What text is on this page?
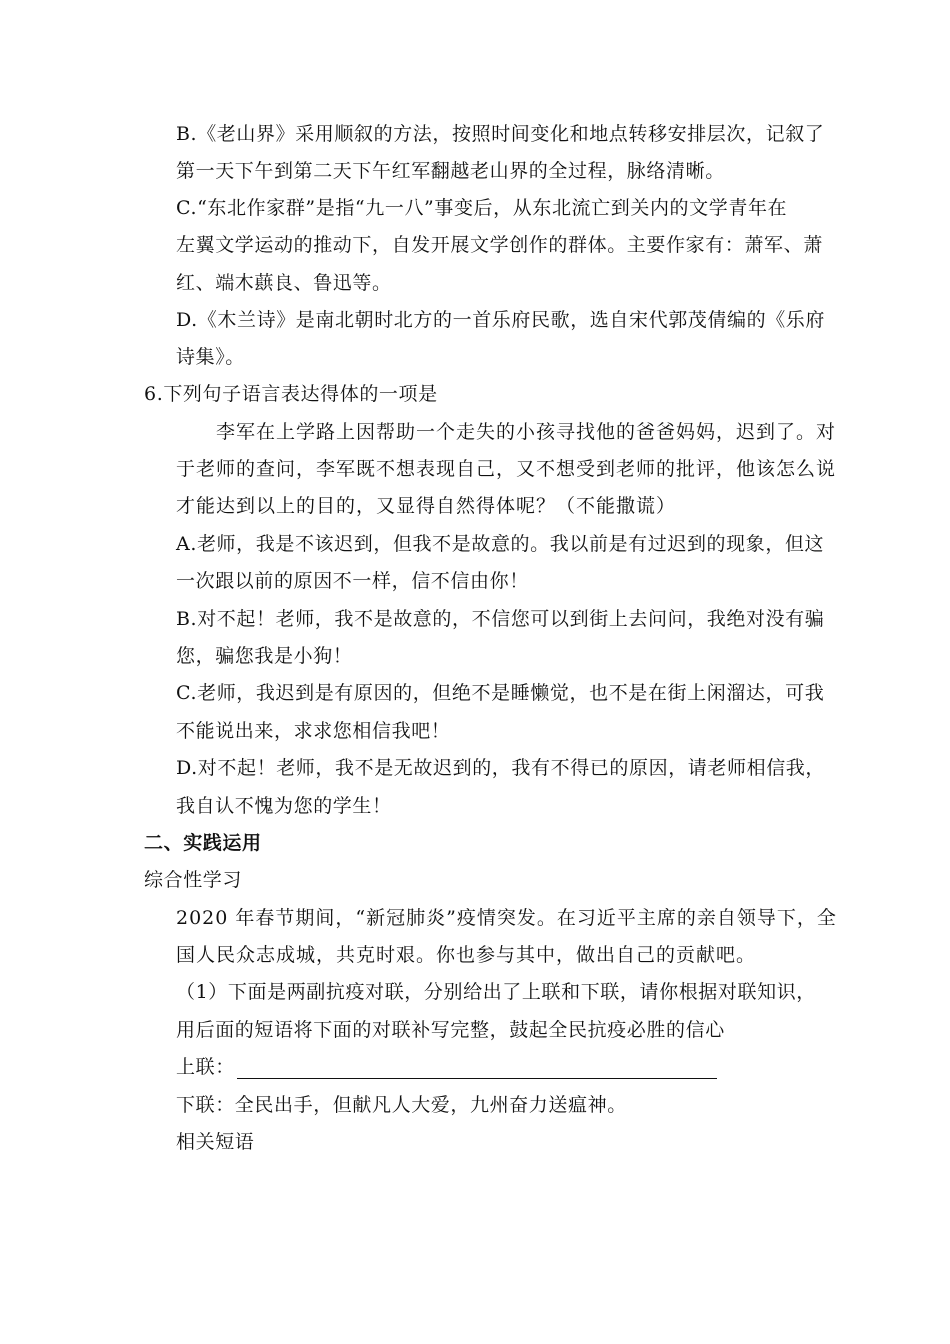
B.《老山界》采用顺叙的方法，按照时间变化和地点转移安排层次，记叙了
第一天下午到第二天下午红军翻越老山界的全过程，脉络清晰。
C.“东北作家群”是指“九一八”事变后，从东北流亡到关内的文学青年在
左翼文学运动的推动下，自发开展文学创作的群体。主要作家有：萧军、萧
红、端木蕻良、鲁迅等。
D.《木兰诗》是南北朝时北方的一首乐府民歌，选自宋代郭茂倩编的《乐府
诗集》。
6.下列句子语言表达得体的一项是
李军在上学路上因帮助一个走失的小孩寻找他的爸爸妈妈，迟到了。对
于老师的查问，李军既不想表现自己，又不想受到老师的批评，他该怎么说
才能达到以上的目的，又显得自然得体呢？（不能撒谎）
A.老师，我是不该迟到，但我不是故意的。我以前是有过迟到的现象，但这
一次跟以前的原因不一样，信不信由你！
B.对不起！老师，我不是故意的，不信您可以到街上去问问，我绝对没有骗
您，骗您我是小狗！
C.老师，我迟到是有原因的，但绝不是睡懒觉，也不是在街上闲溜达，可我
不能说出来，求求您相信我吧！
D.对不起！老师，我不是无故迟到的，我有不得已的原因，请老师相信我，
我自认不愧为您的学生！
二、实践运用
综合性学习
2020 年春节期间，“新冠肺炎”疫情突发。在习近平主席的亲自领导下，全
国人民众志成城，共克时艰。你也参与其中，做出自己的贡献吧。
（1）下面是两副抗疫对联，分别给出了上联和下联，请你根据对联知识，
用后面的短语将下面的对联补写完整，鼓起全民抗疫必胜的信心
上联：
下联：全民出手，但献凡人大爱，九州奋力送瘟神。
相关短语
